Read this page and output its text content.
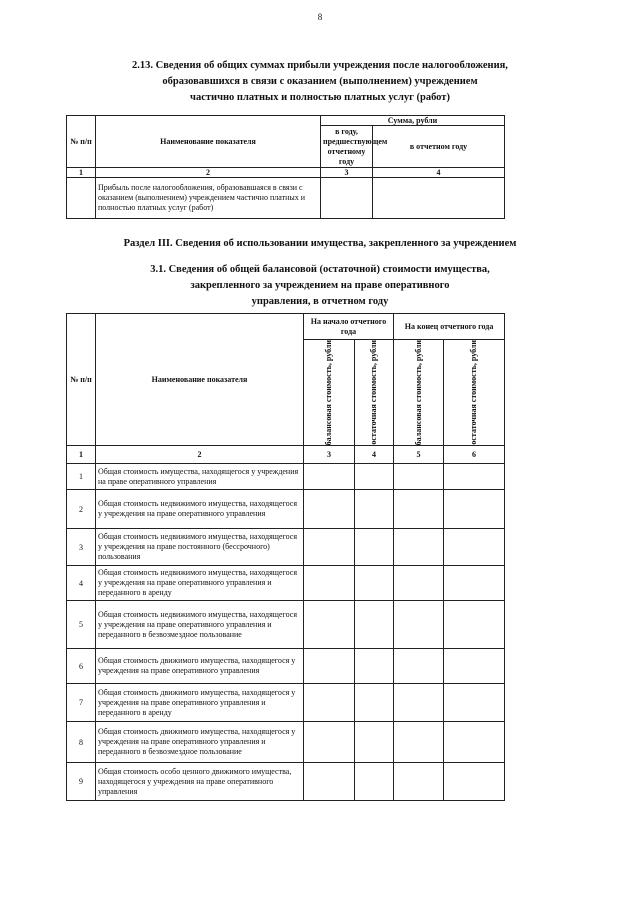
8
2.13. Сведения об общих суммах прибыли учреждения после налогообложения,
образовавшихся в связи с оказанием (выполнением) учреждением
частично платных и полностью платных услуг (работ)
№ п/п	Наименование показателя	Сумма, рубли	
		в году, предшествующем отчетному году	в отчетном году
1	2	3	4
	Прибыль после налогообложения, образовавшаяся в связи с оказанием (выполнением) учреждением частично платных и полностью платных услуг (работ)		
Раздел III. Сведения об использовании имущества, закрепленного за учреждением
3.1. Сведения об общей балансовой (остаточной) стоимости имущества,
закрепленного за учреждением на праве оперативного
управления, в отчетном году
№ п/п	Наименование показателя	На начало отчетного года		На конец отчетного года	

		балансовая стоимость, рубли	остаточная стоимость, рубли	балансовая стоимость, рубли	остаточная стоимость, рубли

1	2	3	4	5	6
1	Общая стоимость имущества, находящегося у учреждения на праве оперативного управления				
2	Общая стоимость недвижимого имущества, находящегося у учреждения на праве оперативного управления				
3	Общая стоимость недвижимого имущества, находящегося у учреждения на праве постоянного (бессрочного) пользования				
4	Общая стоимость недвижимого имущества, находящегося у учреждения на праве оперативного управления и переданного в аренду				
5	Общая стоимость недвижимого имущества, находящегося у учреждения на праве оперативного управления и переданного в безвозмездное пользование				
6	Общая стоимость движимого имущества, находящегося у учреждения на праве оперативного управления				
7	Общая стоимость движимого имущества, находящегося у учреждения на праве оперативного управления и переданного в аренду				
8	Общая стоимость движимого имущества, находящегося у учреждения на праве оперативного управления и переданного в безвозмездное пользование				
9	Общая стоимость особо ценного движимого имущества, находящегося у учреждения на праве оперативного управления				
